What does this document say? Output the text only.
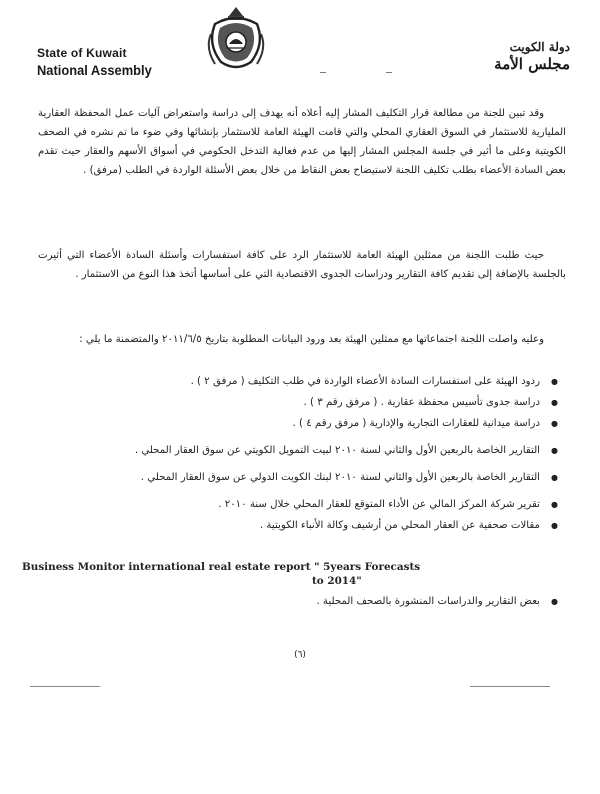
State of Kuwait
National Assembly
دولة الكويت
مجلس الأمة
وقد تبين للجنة من مطالعة قرار التكليف المشار إليه أعلاه أنه يهدف إلى دراسة واستعراض آليات عمل المحفظة العقارية المليارية للاستثمار في السوق العقاري المحلي والتي قامت الهيئة العامة للاستثمار بإنشائها وفي ضوء ما تم نشره في الصحف الكويتية وعلى ما أثير في جلسة المجلس المشار إليها من عدم فعالية التدخل الحكومي في أسواق الأسهم والعقار حيث تقدم بعض السادة الأعضاء بطلب تكليف اللجنة لاستيضاح بعض النقاط من خلال بعض الأسئلة الواردة في الطلب (مرفق) .
حيث طلبت اللجنة من ممثلين الهيئة العامة للاستثمار الرد على كافة استفسارات وأسئلة السادة الأعضاء التي أثيرت بالجلسة بالإضافة إلى تقديم كافة التقارير ودراسات الجدوى الاقتصادية التي على أساسها أتخذ هذا النوع من الاستثمار .
وعليه واصلت اللجنة اجتماعاتها مع ممثلين الهيئة بعد ورود البيانات المطلوبة بتاريخ ٢٠١١/٦/٥ والمتضمنة ما يلي :
● ردود الهيئة على استفسارات السادة الأعضاء الواردة في طلب التكليف ( مرفق ٢ ) .
● دراسة جدوى تأسيس محفظة عقارية . ( مرفق رقم ٣ ) .
● دراسة ميدانية للعقارات التجارية والإدارية ( مرفق رقم ٤ ) .
● التقارير الخاصة بالربعين الأول والثاني لسنة ٢٠١٠ لبيت التمويل الكويتي عن سوق العقار المحلي .
● التقارير الخاصة بالربعين الأول والثاني لسنة ٢٠١٠ لبنك الكويت الدولي عن سوق العقار المحلي .
● تقرير شركة المركز المالي عن الأداء المتوقع للعقار المحلي خلال سنة ٢٠١٠ .
● مقالات صحفية عن العقار المحلي من أرشيف وكالة الأنباء الكويتية .
Business Monitor international real estate report " 5years Forecasts
to 2014"
● بعض التقارير والدراسات المنشورة بالصحف المحلية .
(٦)
